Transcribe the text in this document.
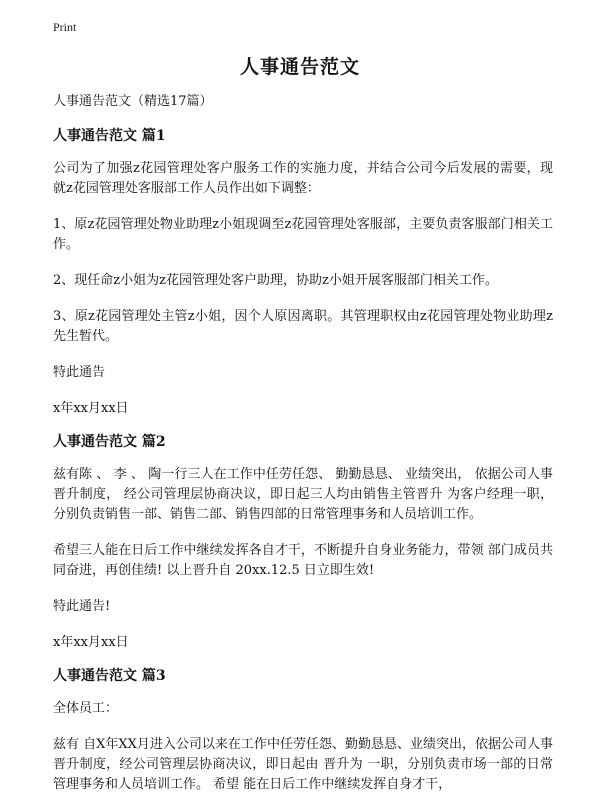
Print
人事通告范文
人事通告范文（精选17篇）
人事通告范文 篇1
公司为了加强z花园管理处客户服务工作的实施力度，并结合公司今后发展的需要，现就z花园管理处客服部工作人员作出如下调整：
1、原z花园管理处物业助理z小姐现调至z花园管理处客服部，主要负责客服部门相关工作。
2、现任命z小姐为z花园管理处客户助理，协助z小姐开展客服部门相关工作。
3、原z花园管理处主管z小姐，因个人原因离职。其管理职权由z花园管理处物业助理z先生暂代。
特此通告
x年xx月xx日
人事通告范文 篇2
兹有陈 、 李 、 陶一行三人在工作中任劳任怨、 勤勤恳恳、 业绩突出， 依据公司人事晋升制度， 经公司管理层协商决议，即日起三人均由销售主管晋升 为客户经理一职，分别负责销售一部、销售二部、销售四部的日常管理事务和人员培训工作。
希望三人能在日后工作中继续发挥各自才干，不断提升自身业务能力，带领 部门成员共同奋进，再创佳绩! 以上晋升自 20xx.12.5 日立即生效!
特此通告!
x年xx月xx日
人事通告范文 篇3
全体员工：
兹有 自X年XX月进入公司以来在工作中任劳任怨、勤勤恳恳、业绩突出，依据公司人事晋升制度，经公司管理层协商决议，即日起由 晋升为 一职，分别负责市场一部的日常管理事务和人员培训工作。 希望 能在日后工作中继续发挥自身才干，
